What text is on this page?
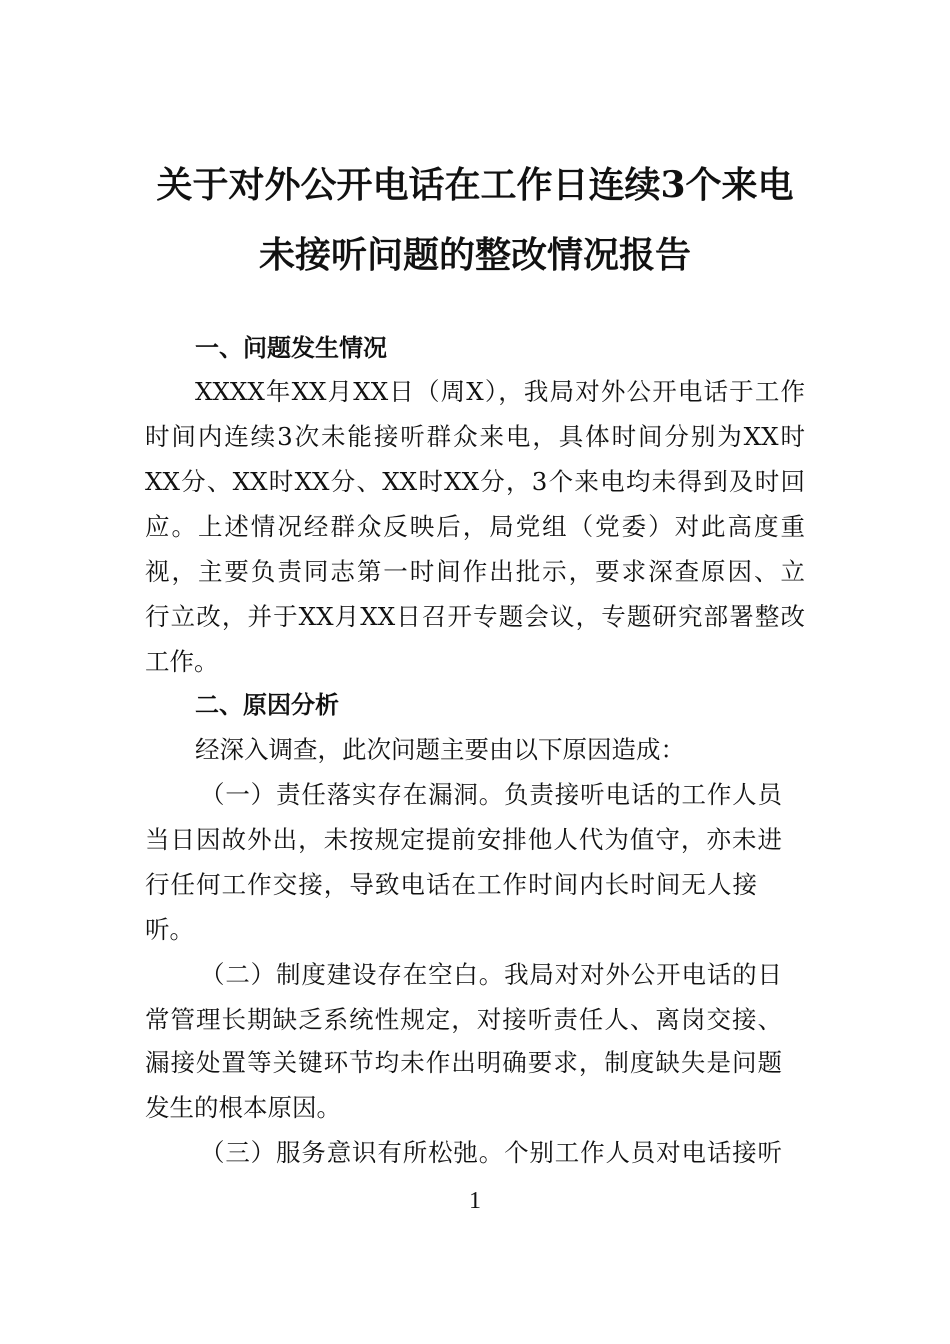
关于对外公开电话在工作日连续3个来电
未接听问题的整改情况报告
一、问题发生情况
XXXX年XX月XX日（周X），我局对外公开电话于工作
时间内连续3次未能接听群众来电，具体时间分别为XX时
XX分、XX时XX分、XX时XX分，3个来电均未得到及时回
应。上述情况经群众反映后，局党组（党委）对此高度重
视，主要负责同志第一时间作出批示，要求深查原因、立
行立改，并于XX月XX日召开专题会议，专题研究部署整改
工作。
二、原因分析
经深入调查，此次问题主要由以下原因造成：
（一）责任落实存在漏洞。负责接听电话的工作人员
当日因故外出，未按规定提前安排他人代为值守，亦未进
行任何工作交接，导致电话在工作时间内长时间无人接
听。
（二）制度建设存在空白。我局对对外公开电话的日
常管理长期缺乏系统性规定，对接听责任人、离岗交接、
漏接处置等关键环节均未作出明确要求，制度缺失是问题
发生的根本原因。
（三）服务意识有所松弛。个别工作人员对电话接听
1
